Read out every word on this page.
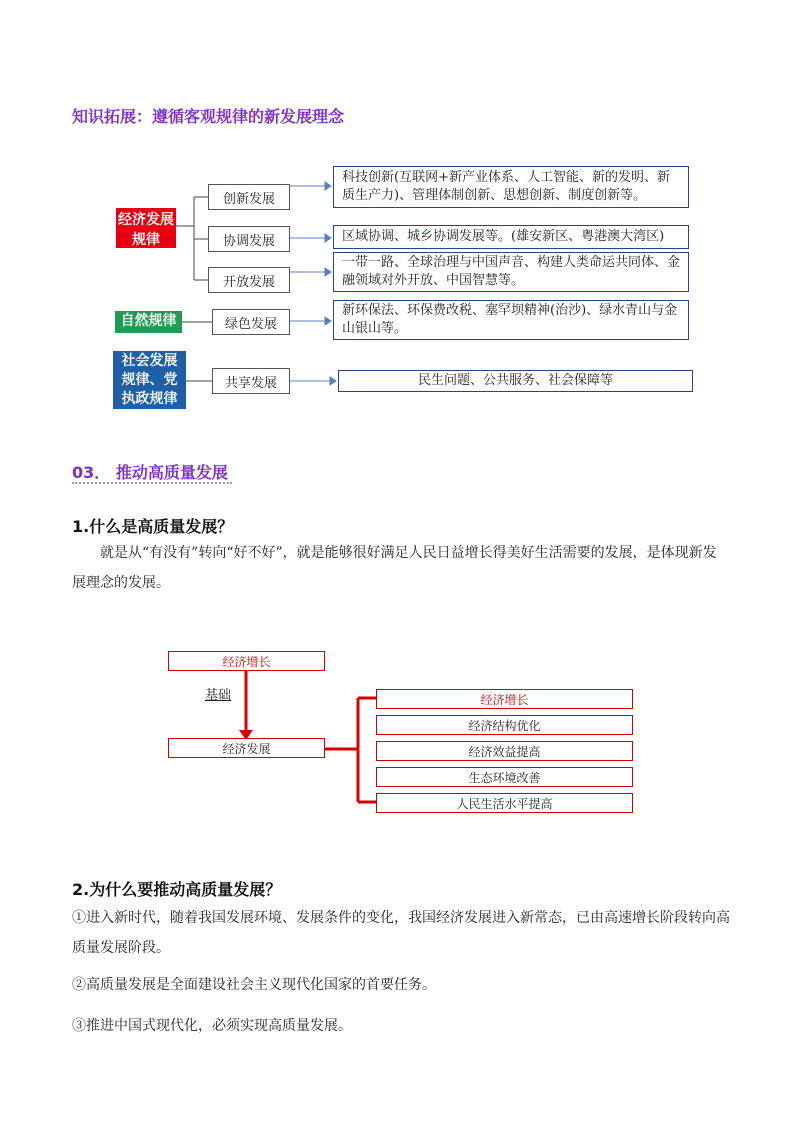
知识拓展：遵循客观规律的新发展理念
经济发展规律
自然规律
社会发展规律、党执政规律
创新发展
协调发展
开放发展
绿色发展
共享发展
科技创新(互联网+新产业体系、人工智能、新的发明、新质生产力)、管理体制创新、思想创新、制度创新等。
区域协调、城乡协调发展等。(雄安新区、粤港澳大湾区)
一带一路、全球治理与中国声音、构建人类命运共同体、金融领域对外开放、中国智慧等。
新环保法、环保费改税、塞罕坝精神(治沙)、绿水青山与金山银山等。
民生问题、公共服务、社会保障等
03． 推动高质量发展
1.什么是高质量发展？
就是从“有没有”转向“好不好”，就是能够很好满足人民日益增长得美好生活需要的发展，是体现新发展理念的发展。
经济增长
基础
经济发展
经济增长
经济结构优化
经济效益提高
生态环境改善
人民生活水平提高
2.为什么要推动高质量发展？
①进入新时代，随着我国发展环境、发展条件的变化，我国经济发展进入新常态，已由高速增长阶段转向高质量发展阶段。
②高质量发展是全面建设社会主义现代化国家的首要任务。
③推进中国式现代化，必须实现高质量发展。
